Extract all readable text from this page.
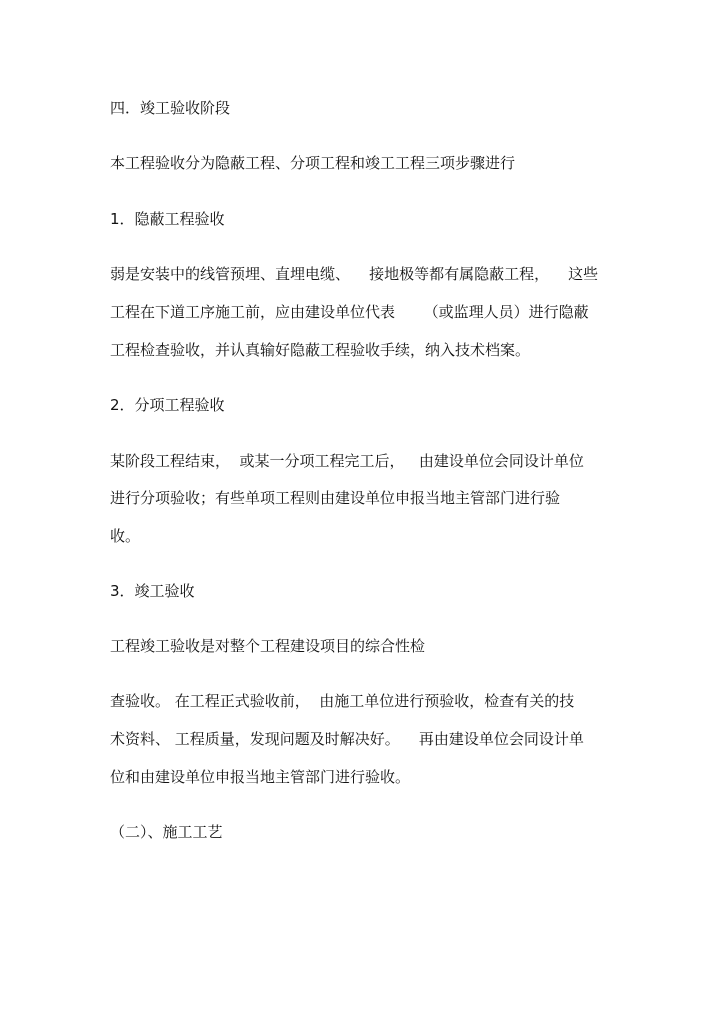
四．竣工验收阶段
本工程验收分为隐蔽工程、分项工程和竣工工程三项步骤进行
1．隐蔽工程验收
弱是安装中的线管预埋、直埋电缆、    接地极等都有属隐蔽工程，    这些
工程在下道工序施工前，应由建设单位代表      （或监理人员）进行隐蔽
工程检查验收，并认真输好隐蔽工程验收手续，纳入技术档案。
2．分项工程验收
某阶段工程结束，  或某一分项工程完工后，   由建设单位会同设计单位
进行分项验收；有些单项工程则由建设单位申报当地主管部门进行验
收。
3．竣工验收
工程竣工验收是对整个工程建设项目的综合性检
查验收。 在工程正式验收前，  由施工单位进行预验收，检查有关的技
术资料、 工程质量，发现问题及时解决好。    再由建设单位会同设计单
位和由建设单位申报当地主管部门进行验收。
（二）、施工工艺
